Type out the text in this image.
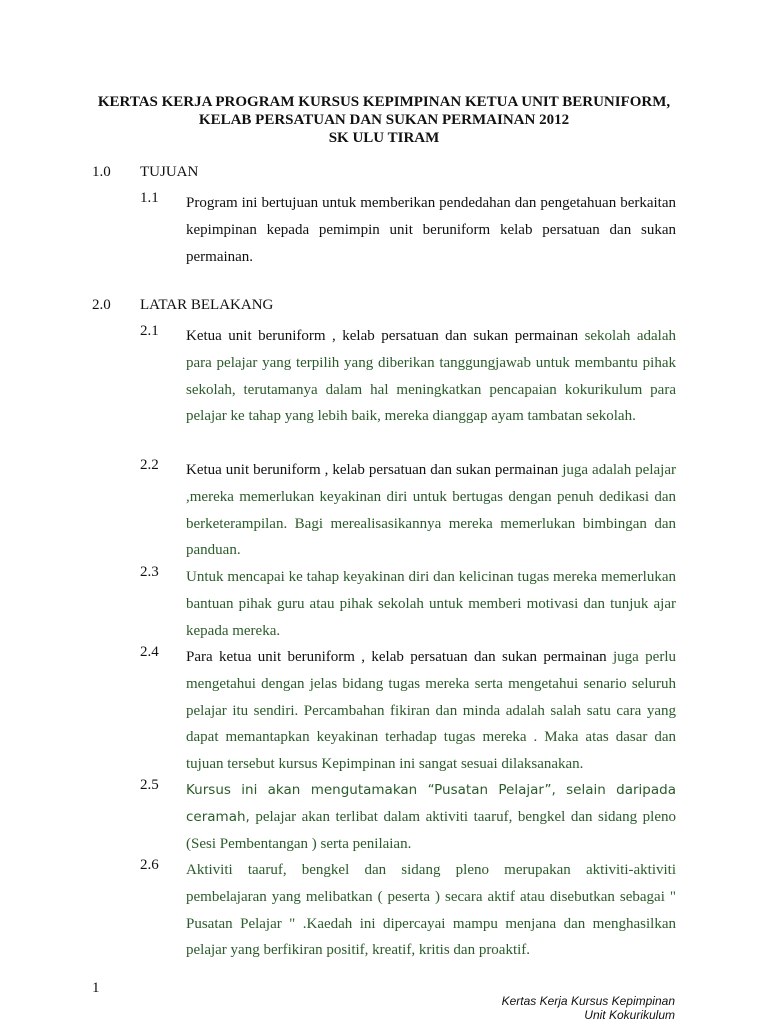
KERTAS KERJA PROGRAM KURSUS KEPIMPINAN KETUA UNIT BERUNIFORM,
KELAB PERSATUAN DAN SUKAN PERMAINAN 2012
SK ULU TIRAM
1.0 TUJUAN
1.1 Program ini bertujuan untuk memberikan pendedahan dan pengetahuan berkaitan kepimpinan kepada pemimpin unit beruniform kelab persatuan dan sukan permainan.
2.0 LATAR BELAKANG
2.1 Ketua unit beruniform , kelab persatuan dan sukan permainan sekolah adalah para pelajar yang terpilih yang diberikan tanggungjawab untuk membantu pihak sekolah, terutamanya dalam hal meningkatkan pencapaian kokurikulum para pelajar ke tahap yang lebih baik, mereka dianggap ayam tambatan sekolah.
2.2 Ketua unit beruniform , kelab persatuan dan sukan permainan juga adalah pelajar ,mereka memerlukan keyakinan diri untuk bertugas dengan penuh dedikasi dan berketerampilan. Bagi merealisasikannya mereka memerlukan bimbingan dan panduan.
2.3 Untuk mencapai ke tahap keyakinan diri dan kelicinan tugas mereka memerlukan bantuan pihak guru atau pihak sekolah untuk memberi motivasi dan tunjuk ajar kepada mereka.
2.4 Para ketua unit beruniform , kelab persatuan dan sukan permainan juga perlu mengetahui dengan jelas bidang tugas mereka serta mengetahui senario seluruh pelajar itu sendiri. Percambahan fikiran dan minda adalah salah satu cara yang dapat memantapkan keyakinan terhadap tugas mereka . Maka atas dasar dan tujuan tersebut kursus Kepimpinan ini sangat sesuai dilaksanakan.
2.5 Kursus ini akan mengutamakan “Pusatan Pelajar”, selain daripada ceramah, pelajar akan terlibat dalam aktiviti taaruf, bengkel dan sidang pleno (Sesi Pembentangan ) serta penilaian.
2.6 Aktiviti taaruf, bengkel dan sidang pleno merupakan aktiviti-aktiviti pembelajaran yang melibatkan ( peserta ) secara aktif atau disebutkan sebagai " Pusatan Pelajar " .Kaedah ini dipercayai mampu menjana dan menghasilkan pelajar yang berfikiran positif, kreatif, kritis dan proaktif.
1
Kertas Kerja Kursus Kepimpinan
Unit Kokurikulum
